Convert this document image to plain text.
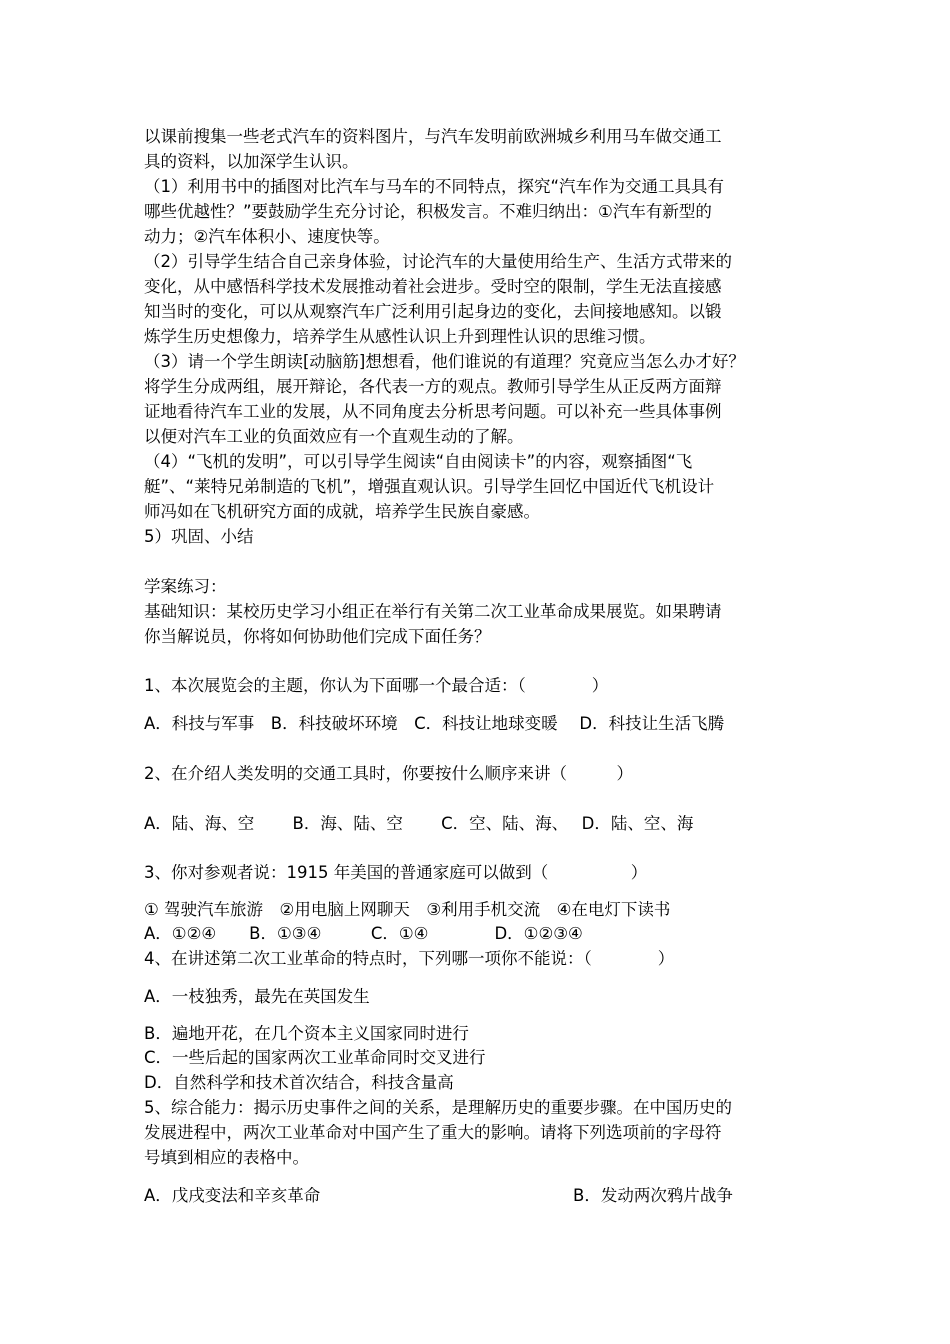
以课前搜集一些老式汽车的资料图片，与汽车发明前欧洲城乡利用马车做交通工
具的资料，以加深学生认识。
（1）利用书中的插图对比汽车与马车的不同特点，探究“汽车作为交通工具具有
哪些优越性？”要鼓励学生充分讨论，积极发言。不难归纳出：①汽车有新型的
动力；②汽车体积小、速度快等。
（2）引导学生结合自己亲身体验，讨论汽车的大量使用给生产、生活方式带来的
变化，从中感悟科学技术发展推动着社会进步。受时空的限制，学生无法直接感
知当时的变化，可以从观察汽车广泛利用引起身边的变化，去间接地感知。以锻
炼学生历史想像力，培养学生从感性认识上升到理性认识的思维习惯。
（3）请一个学生朗读[动脑筋]想想看，他们谁说的有道理？究竟应当怎么办才好？
将学生分成两组，展开辩论，各代表一方的观点。教师引导学生从正反两方面辩
证地看待汽车工业的发展，从不同角度去分析思考问题。可以补充一些具体事例
以便对汽车工业的负面效应有一个直观生动的了解。
（4）“飞机的发明”，可以引导学生阅读“自由阅读卡”的内容，观察插图“飞
艇”、“莱特兄弟制造的飞机”，增强直观认识。引导学生回忆中国近代飞机设计
师冯如在飞机研究方面的成就，培养学生民族自豪感。
5）巩固、小结
学案练习：
基础知识：某校历史学习小组正在举行有关第二次工业革命成果展览。如果聘请
你当解说员，你将如何协助他们完成下面任务？
1、本次展览会的主题，你认为下面哪一个最合适：（　　　　）
A．科技与军事　B．科技破坏环境　C．科技让地球变暖　 D．科技让生活飞腾
2、在介绍人类发明的交通工具时，你要按什么顺序来讲（　　　）
A．陆、海、空　　 B．海、陆、空　　 C．空、陆、海、　 D．陆、空、海
3、你对参观者说：1915 年美国的普通家庭可以做到（　　　　　）
① 驾驶汽车旅游　②用电脑上网聊天　③利用手机交流　④在电灯下读书
A．①②④　　B．①③④　　　C．①④　　　　D．①②③④
4、在讲述第二次工业革命的特点时，下列哪一项你不能说：（　　　　）
A．一枝独秀，最先在英国发生
B．遍地开花，在几个资本主义国家同时进行
C．一些后起的国家两次工业革命同时交叉进行
D．自然科学和技术首次结合，科技含量高
5、综合能力：揭示历史事件之间的关系，是理解历史的重要步骤。在中国历史的
发展进程中，两次工业革命对中国产生了重大的影响。请将下列选项前的字母符
号填到相应的表格中。
A．戊戌变法和辛亥革命	B．发动两次鸦片战争
